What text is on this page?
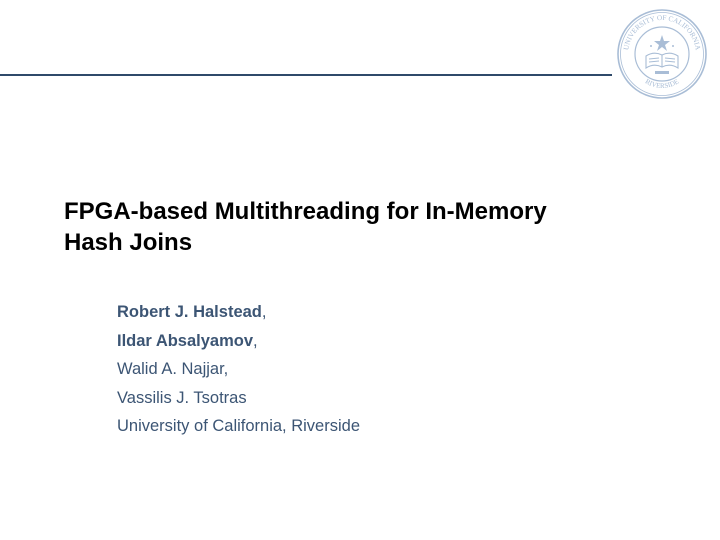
UNIVERSITY OF CALIFORNIA
RIVERSIDE
FPGA-based Multithreading for In-Memory
Hash Joins
Robert J. Halstead,
Ildar Absalyamov,
Walid A. Najjar,
Vassilis J. Tsotras
University of California, Riverside
